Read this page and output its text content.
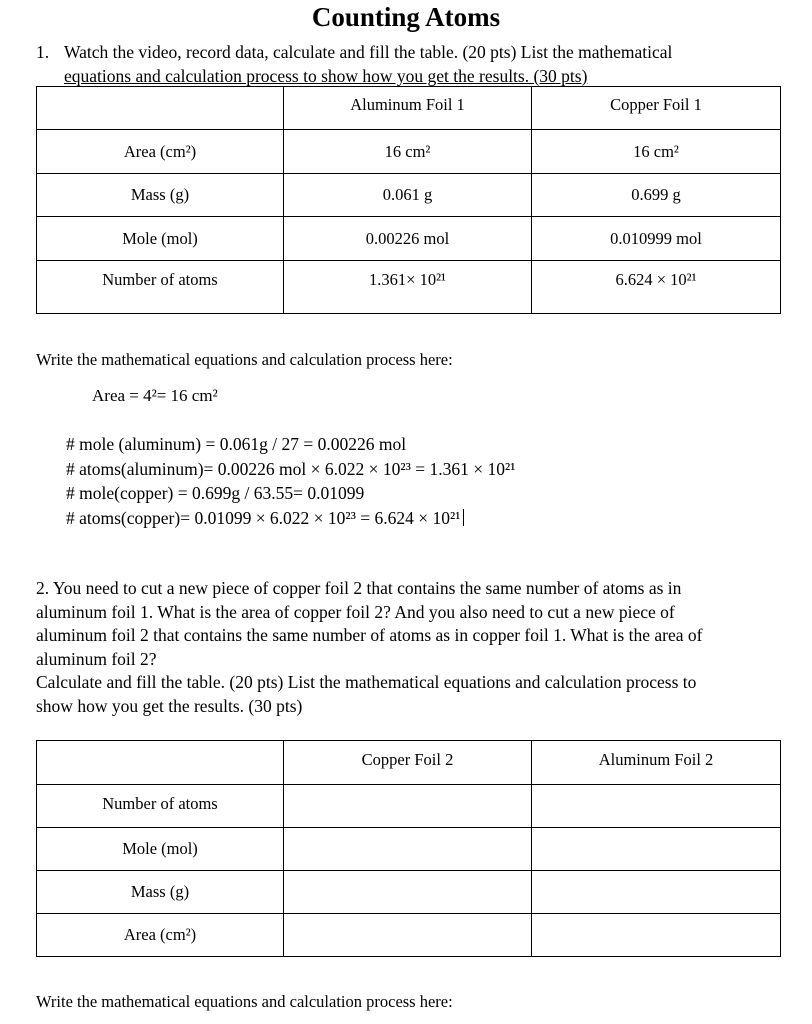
Counting Atoms
1. Watch the video, record data, calculate and fill the table. (20 pts) List the mathematical
equations and calculation process to show how you get the results. (30 pts)
	Aluminum Foil 1	Copper Foil 1
Area (cm²)	16 cm²	16 cm²
Mass (g)	0.061 g	0.699 g
Mole (mol)	0.00226 mol	0.010999 mol
Number of atoms	1.361× 10²¹	6.624 × 10²¹
Write the mathematical equations and calculation process here:
Area = 4²= 16 cm²
# mole (aluminum) = 0.061g / 27 = 0.00226 mol
# atoms(aluminum)= 0.00226 mol × 6.022 × 10²³ = 1.361 × 10²¹
# mole(copper) = 0.699g / 63.55= 0.01099
# atoms(copper)= 0.01099 × 6.022 × 10²³ = 6.624 × 10²¹
2. You need to cut a new piece of copper foil 2 that contains the same number of atoms as in
aluminum foil 1. What is the area of copper foil 2? And you also need to cut a new piece of
aluminum foil 2 that contains the same number of atoms as in copper foil 1. What is the area of
aluminum foil 2?
Calculate and fill the table. (20 pts) List the mathematical equations and calculation process to
show how you get the results. (30 pts)
	Copper Foil 2	Aluminum Foil 2
Number of atoms		
Mole (mol)		
Mass (g)		
Area (cm²)		
Write the mathematical equations and calculation process here:
